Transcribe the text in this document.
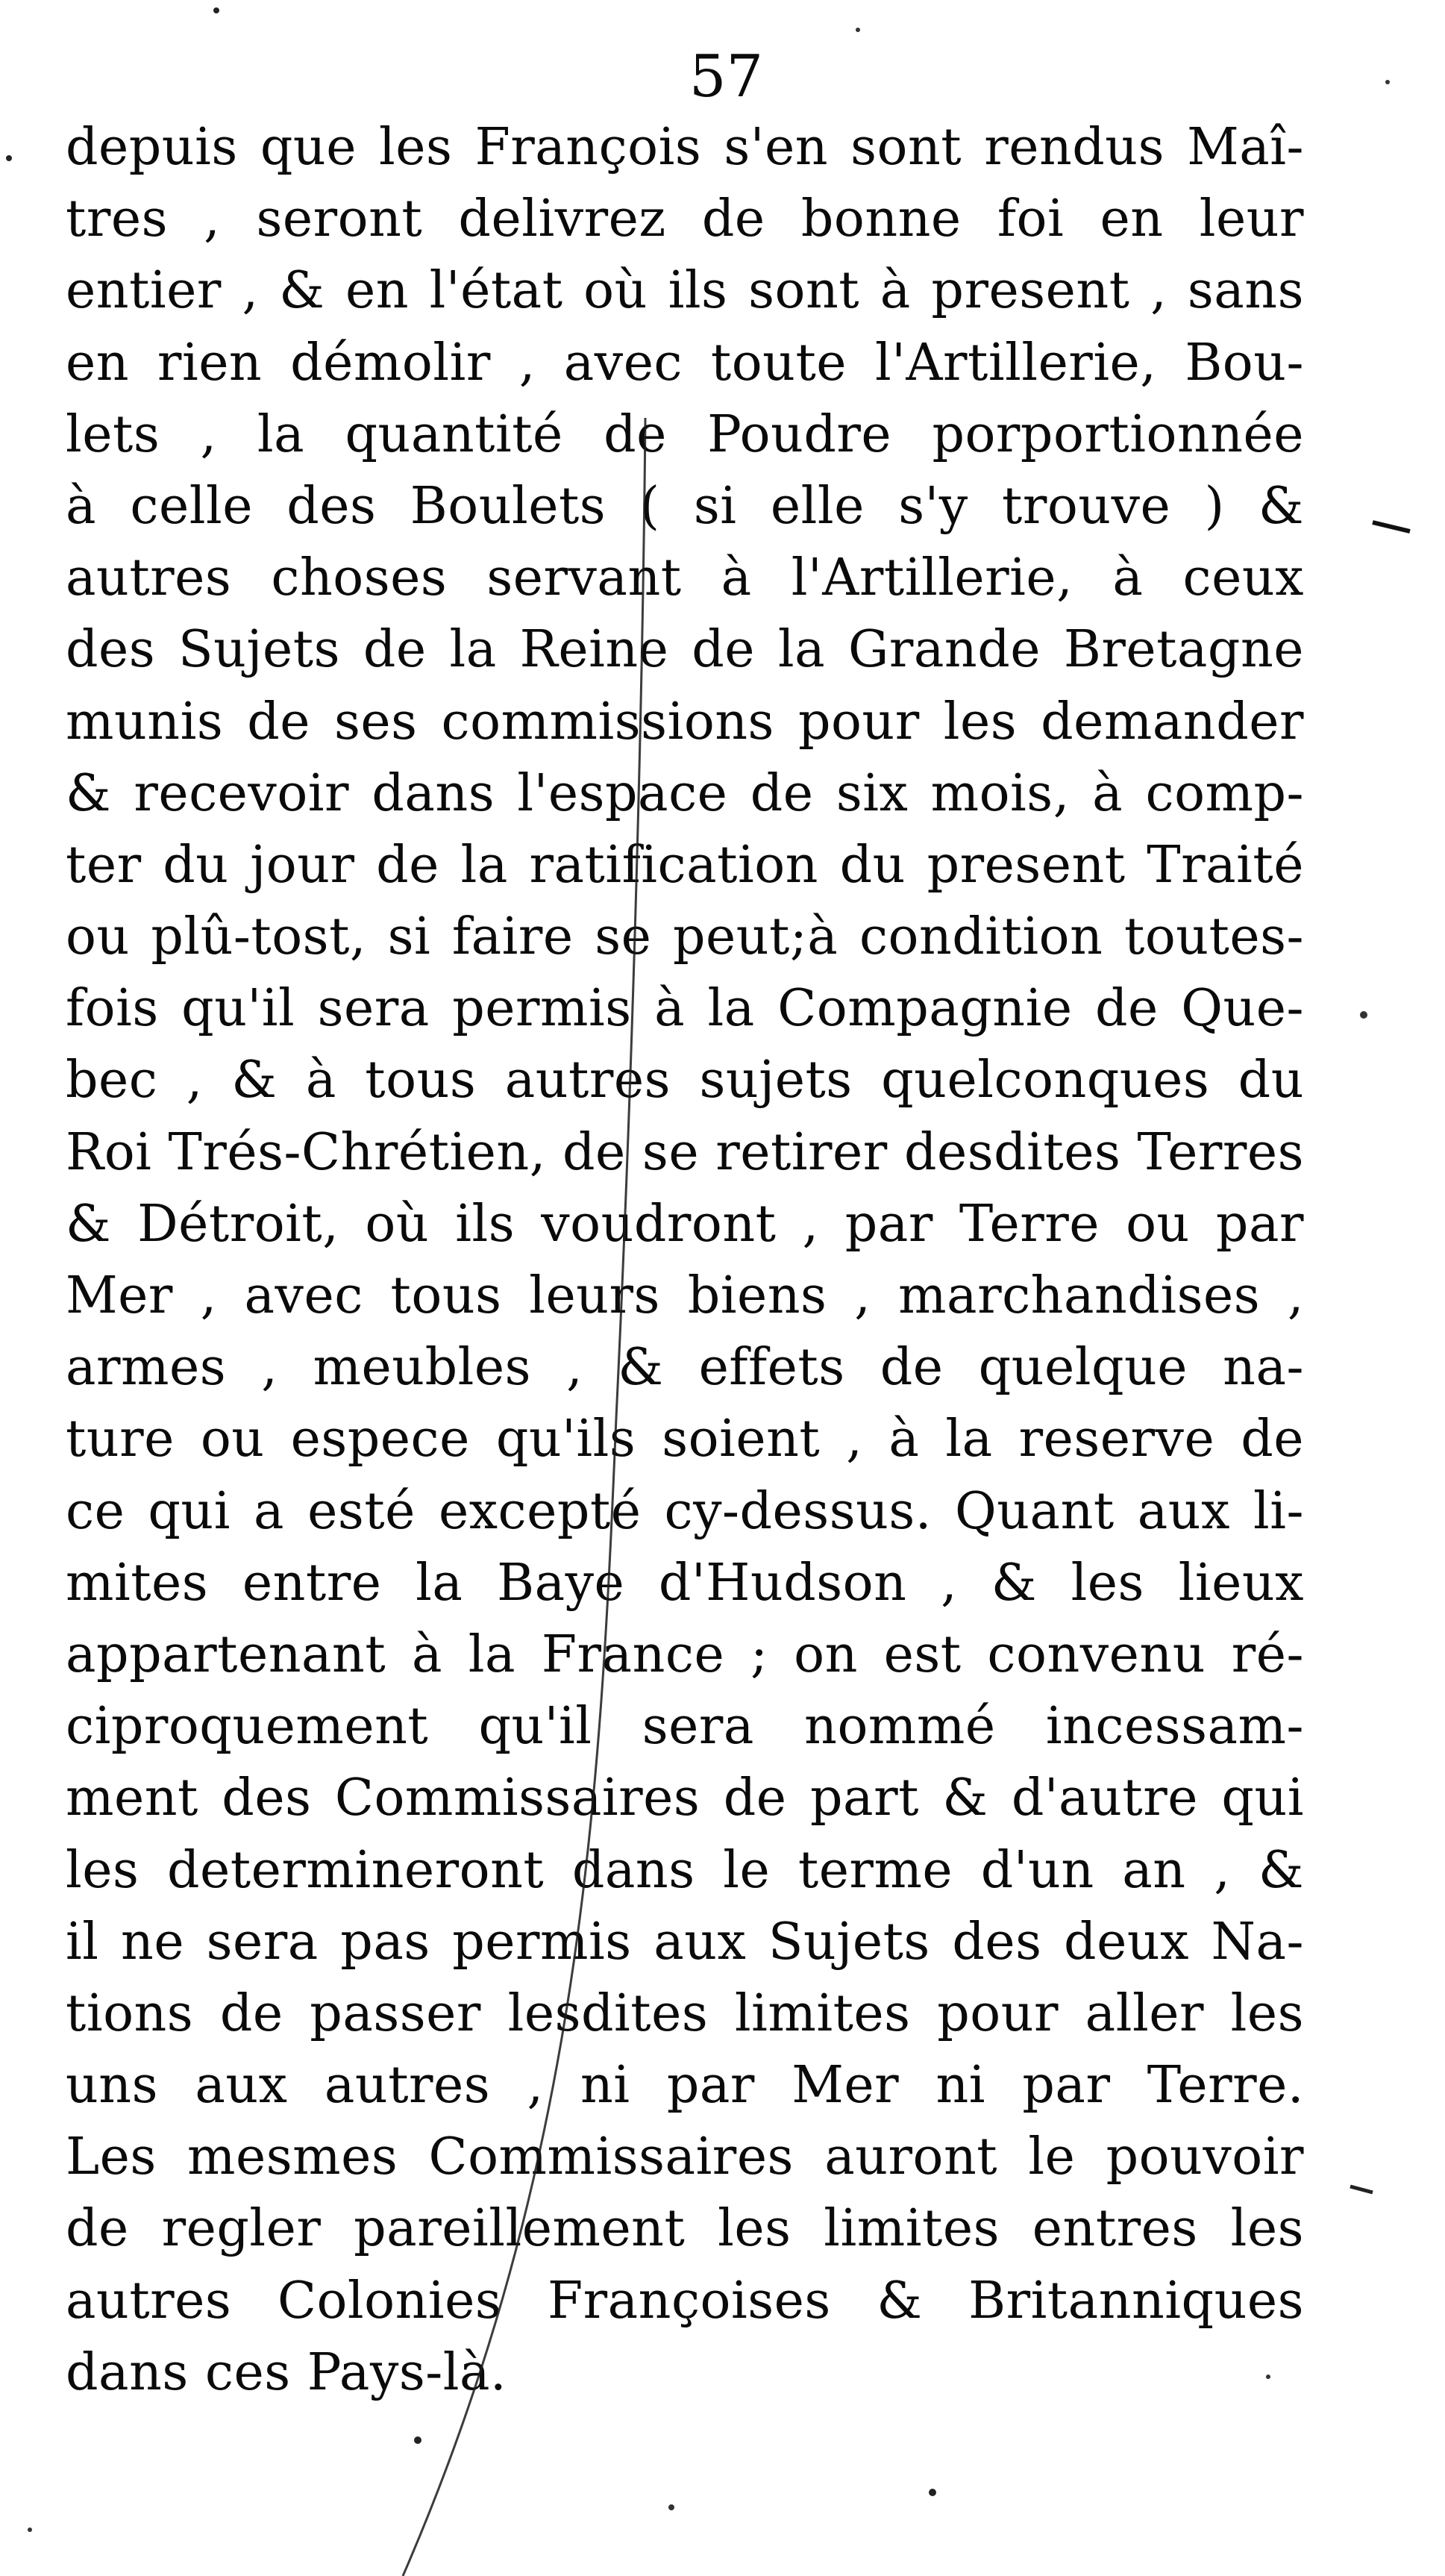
57
depuis que les François s'en sont rendus Maî-
tres , seront delivrez de bonne foi en leur
entier , & en l'état où ils sont à present , sans
en rien démolir , avec toute l'Artillerie, Bou-
lets , la quantité de Poudre porportionnée
à celle des Boulets ( si elle s'y trouve ) &
autres choses servant à l'Artillerie, à ceux
des Sujets de la Reine de la Grande Bretagne
munis de ses commissions pour les demander
& recevoir dans l'espace de six mois, à comp-
ter du jour de la ratification du present Traité
ou plû-tost, si faire se peut;à condition toutes-
fois qu'il sera permis à la Compagnie de Que-
bec , & à tous autres sujets quelconques du
Roi Trés-Chrétien, de se retirer desdites Terres
& Détroit, où ils voudront , par Terre ou par
Mer , avec tous leurs biens , marchandises ,
armes , meubles , & effets de quelque na-
ture ou espece qu'ils soient , à la reserve de
ce qui a esté excepté cy-dessus. Quant aux li-
mites entre la Baye d'Hudson , & les lieux
appartenant à la France ; on est convenu ré-
ciproquement qu'il sera nommé incessam-
ment des Commissaires de part & d'autre qui
les determineront dans le terme d'un an , &
il ne sera pas permis aux Sujets des deux Na-
tions de passer lesdites limites pour aller les
uns aux autres , ni par Mer ni par Terre.
Les mesmes Commissaires auront le pouvoir
de regler pareillement les limites entres les
autres Colonies Françoises & Britanniques
dans ces Pays-là.
